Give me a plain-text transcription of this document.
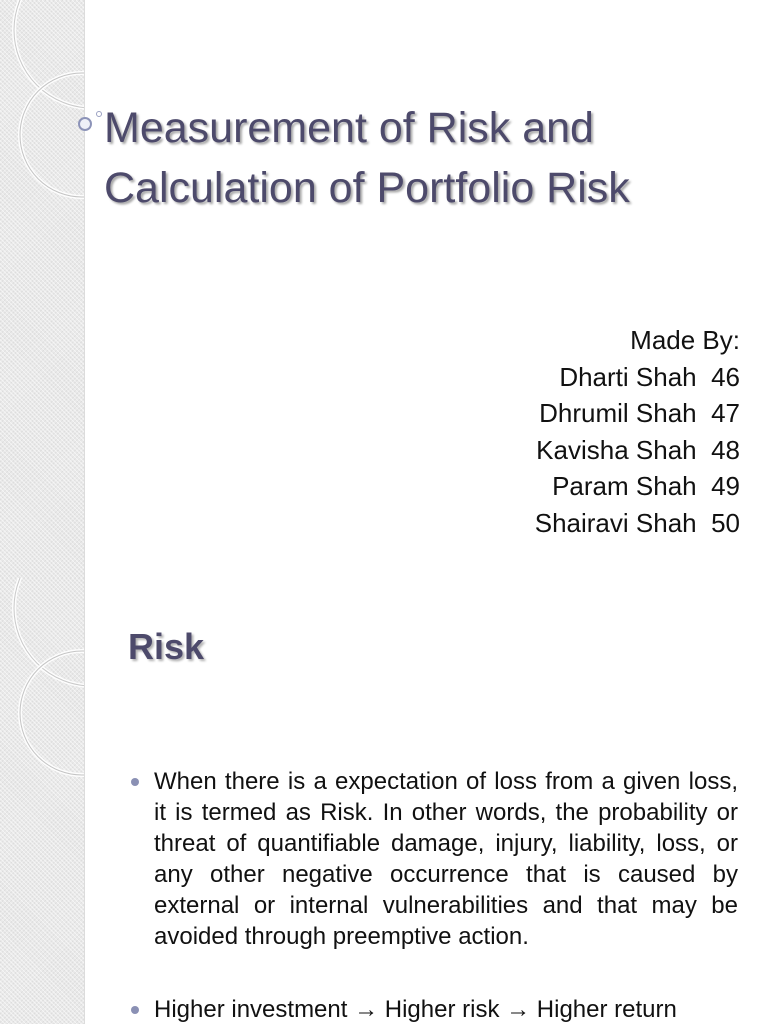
Measurement of Risk and
Calculation of Portfolio Risk
Made By:
Dharti Shah 46
Dhrumil Shah 47
Kavisha Shah 48
Param Shah 49
Shairavi Shah 50
Risk
When there is a expectation of loss from a given loss, it is termed as Risk. In other words, the probability or threat of quantifiable damage, injury, liability, loss, or any other negative occurrence that is caused by external or internal vulnerabilities and that may be avoided through preemptive action.
Higher investment → Higher risk → Higher return
